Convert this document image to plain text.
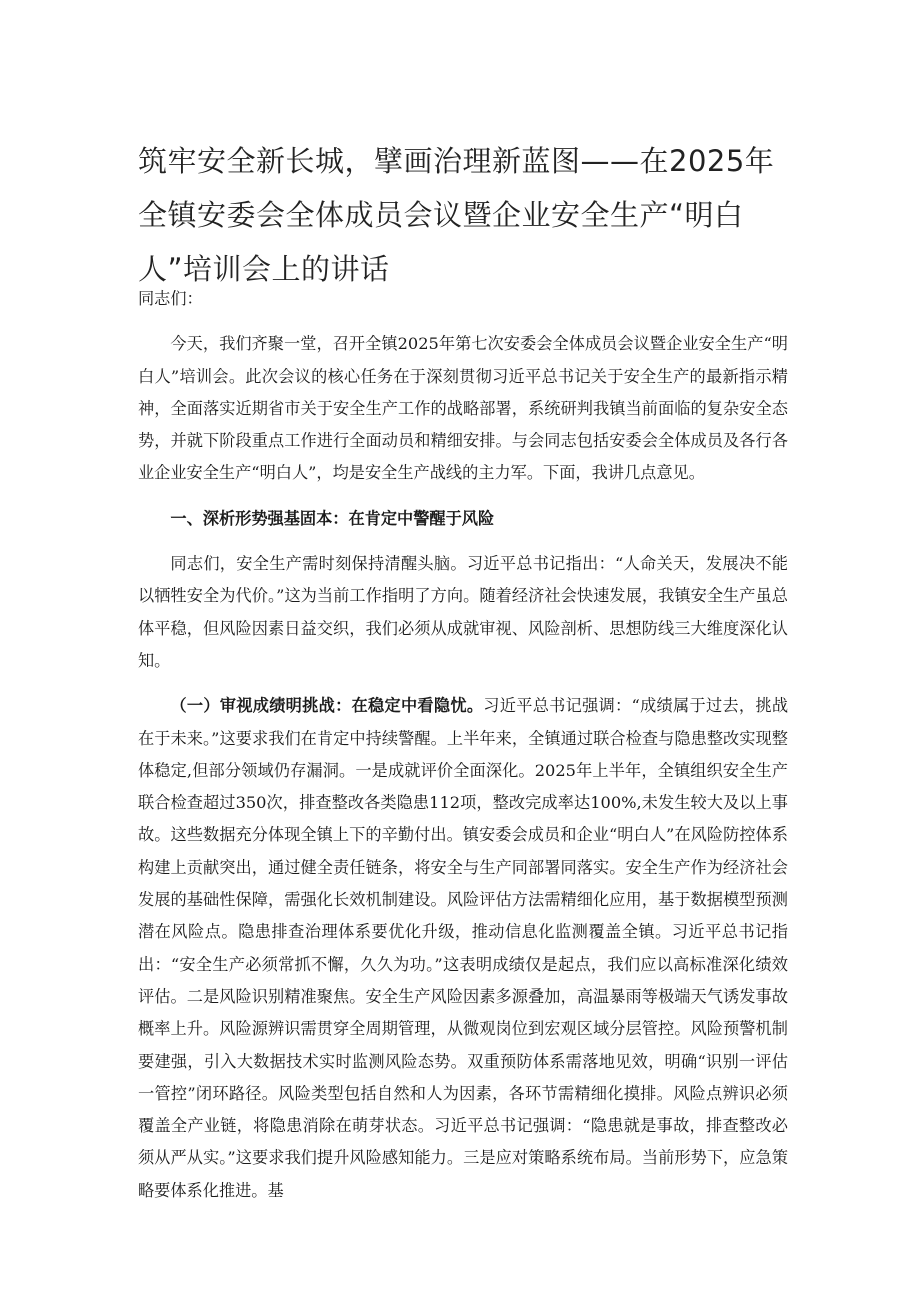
筑牢安全新长城，擘画治理新蓝图——在2025年全镇安委会全体成员会议暨企业安全生产“明白人”培训会上的讲话

同志们：

今天，我们齐聚一堂，召开全镇2025年第七次安委会全体成员会议暨企业安全生产“明白人”培训会。此次会议的核心任务在于深刻贯彻习近平总书记关于安全生产的最新指示精神，全面落实近期省市关于安全生产工作的战略部署，系统研判我镇当前面临的复杂安全态势，并就下阶段重点工作进行全面动员和精细安排。与会同志包括安委会全体成员及各行各业企业安全生产“明白人”，均是安全生产战线的主力军。下面，我讲几点意见。

一、深析形势强基固本：在肯定中警醒于风险

同志们，安全生产需时刻保持清醒头脑。习近平总书记指出：“人命关天，发展决不能以牺牲安全为代价。”这为当前工作指明了方向。随着经济社会快速发展，我镇安全生产虽总体平稳，但风险因素日益交织，我们必须从成就审视、风险剖析、思想防线三大维度深化认知。

（一）审视成绩明挑战：在稳定中看隐忧。习近平总书记强调：“成绩属于过去，挑战在于未来。”这要求我们在肯定中持续警醒。上半年来，全镇通过联合检查与隐患整改实现整体稳定,但部分领域仍存漏洞。一是成就评价全面深化。2025年上半年，全镇组织安全生产联合检查超过350次，排查整改各类隐患112项，整改完成率达100%,未发生较大及以上事故。这些数据充分体现全镇上下的辛勤付出。镇安委会成员和企业“明白人”在风险防控体系构建上贡献突出，通过健全责任链条，将安全与生产同部署同落实。安全生产作为经济社会发展的基础性保障，需强化长效机制建设。风险评估方法需精细化应用，基于数据模型预测潜在风险点。隐患排查治理体系要优化升级，推动信息化监测覆盖全镇。习近平总书记指出：“安全生产必须常抓不懈，久久为功。”这表明成绩仅是起点，我们应以高标准深化绩效评估。二是风险识别精准聚焦。安全生产风险因素多源叠加，高温暴雨等极端天气诱发事故概率上升。风险源辨识需贯穿全周期管理，从微观岗位到宏观区域分层管控。风险预警机制要建强，引入大数据技术实时监测风险态势。双重预防体系需落地见效，明确“识别一评估一管控”闭环路径。风险类型包括自然和人为因素，各环节需精细化摸排。风险点辨识必须覆盖全产业链，将隐患消除在萌芽状态。习近平总书记强调：“隐患就是事故，排查整改必须从严从实。”这要求我们提升风险感知能力。三是应对策略系统布局。当前形势下，应急策略要体系化推进。基
